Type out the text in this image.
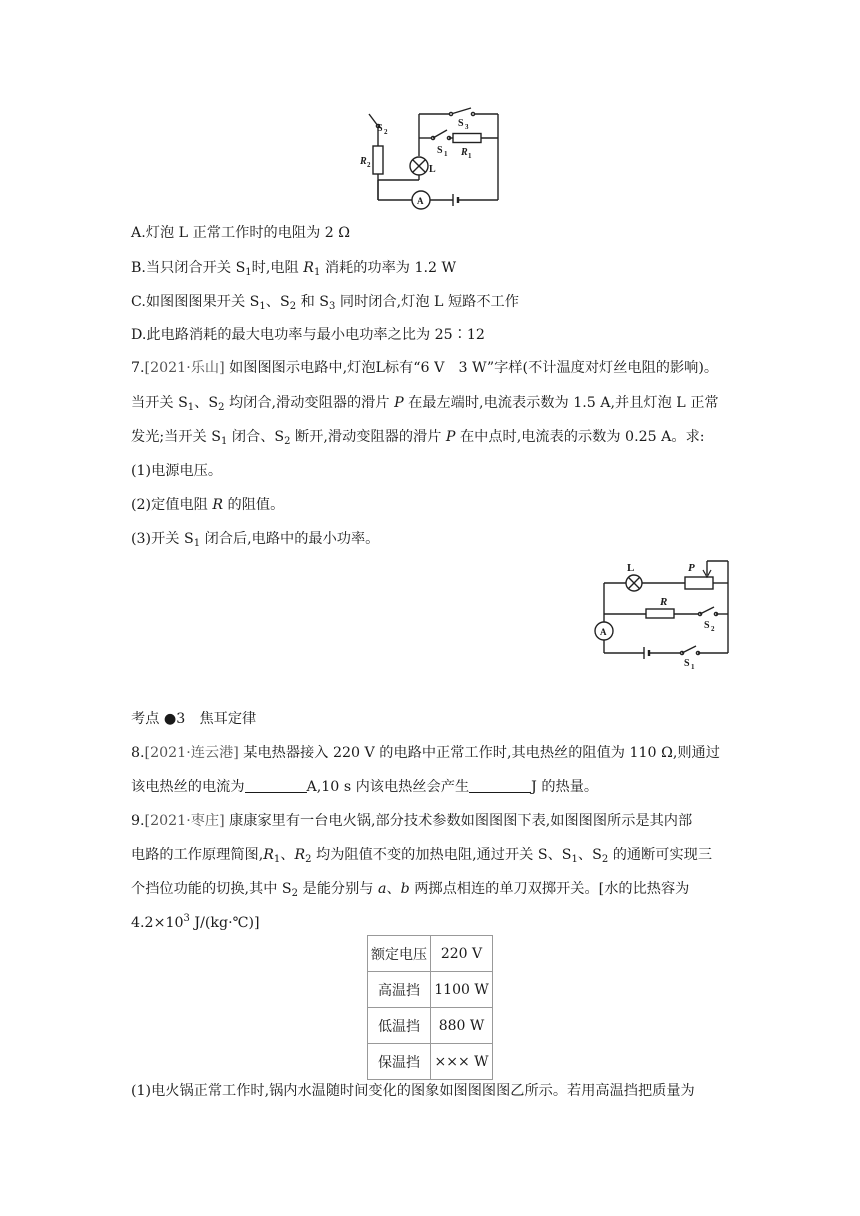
S 2
S 3
S 1 R 1
R 2	L
A
A.灯泡 L 正常工作时的电阻为 2 Ω
B.当只闭合开关 $S_1$时,电阻 $R_1$ 消耗的功率为 1.2 W
C.如图图图果开关 $S_1$、$S_2$ 和 $S_3$ 同时闭合,灯泡 L 短路不工作
D.此电路消耗的最大电功率与最小电功率之比为 25∶12
7.[2021·乐山] 如图图图示电路中,灯泡L标有“6 V　3 W”字样(不计温度对灯丝电阻的影响)。
当开关 $S_1$、$S_2$ 均闭合,滑动变阻器的滑片 P 在最左端时,电流表示数为 1.5 A,并且灯泡 L 正常
发光;当开关 $S_1$ 闭合、$S_2$ 断开,滑动变阻器的滑片 P 在中点时,电流表的示数为 0.25 A。求:
(1)电源电压。
(2)定值电阻 R 的阻值。
(3)开关 $S_1$ 闭合后,电路中的最小功率。
L	P
R
S 2
S 1
A
考点 ●3　焦耳定律
8.[2021·连云港] 某电热器接入 220 V 的电路中正常工作时,其电热丝的阻值为 110 Ω,则通过
该电热丝的电流为	A,10 s 内该电热丝会产生	J 的热量。
9.[2021·枣庄] 康康家里有一台电火锅,部分技术参数如图图图下表,如图图图所示是其内部
电路的工作原理简图$,R_1$、$R_2$ 均为阻值不变的加热电阻,通过开关 S、$S_1$、$S_2$ 的通断可实现三
个挡位功能的切换,其中 $S_2$ 是能分别与 a、b 两掷点相连的单刀双掷开关。[水的比热容为
$4.2\times 10^3$ J/(kg·℃)]
额定电压	220 V
高温挡	1100 W
低温挡	880 W
保温挡	××× W
(1)电火锅正常工作时,锅内水温随时间变化的图象如图图图图乙所示。若用高温挡把质量为
